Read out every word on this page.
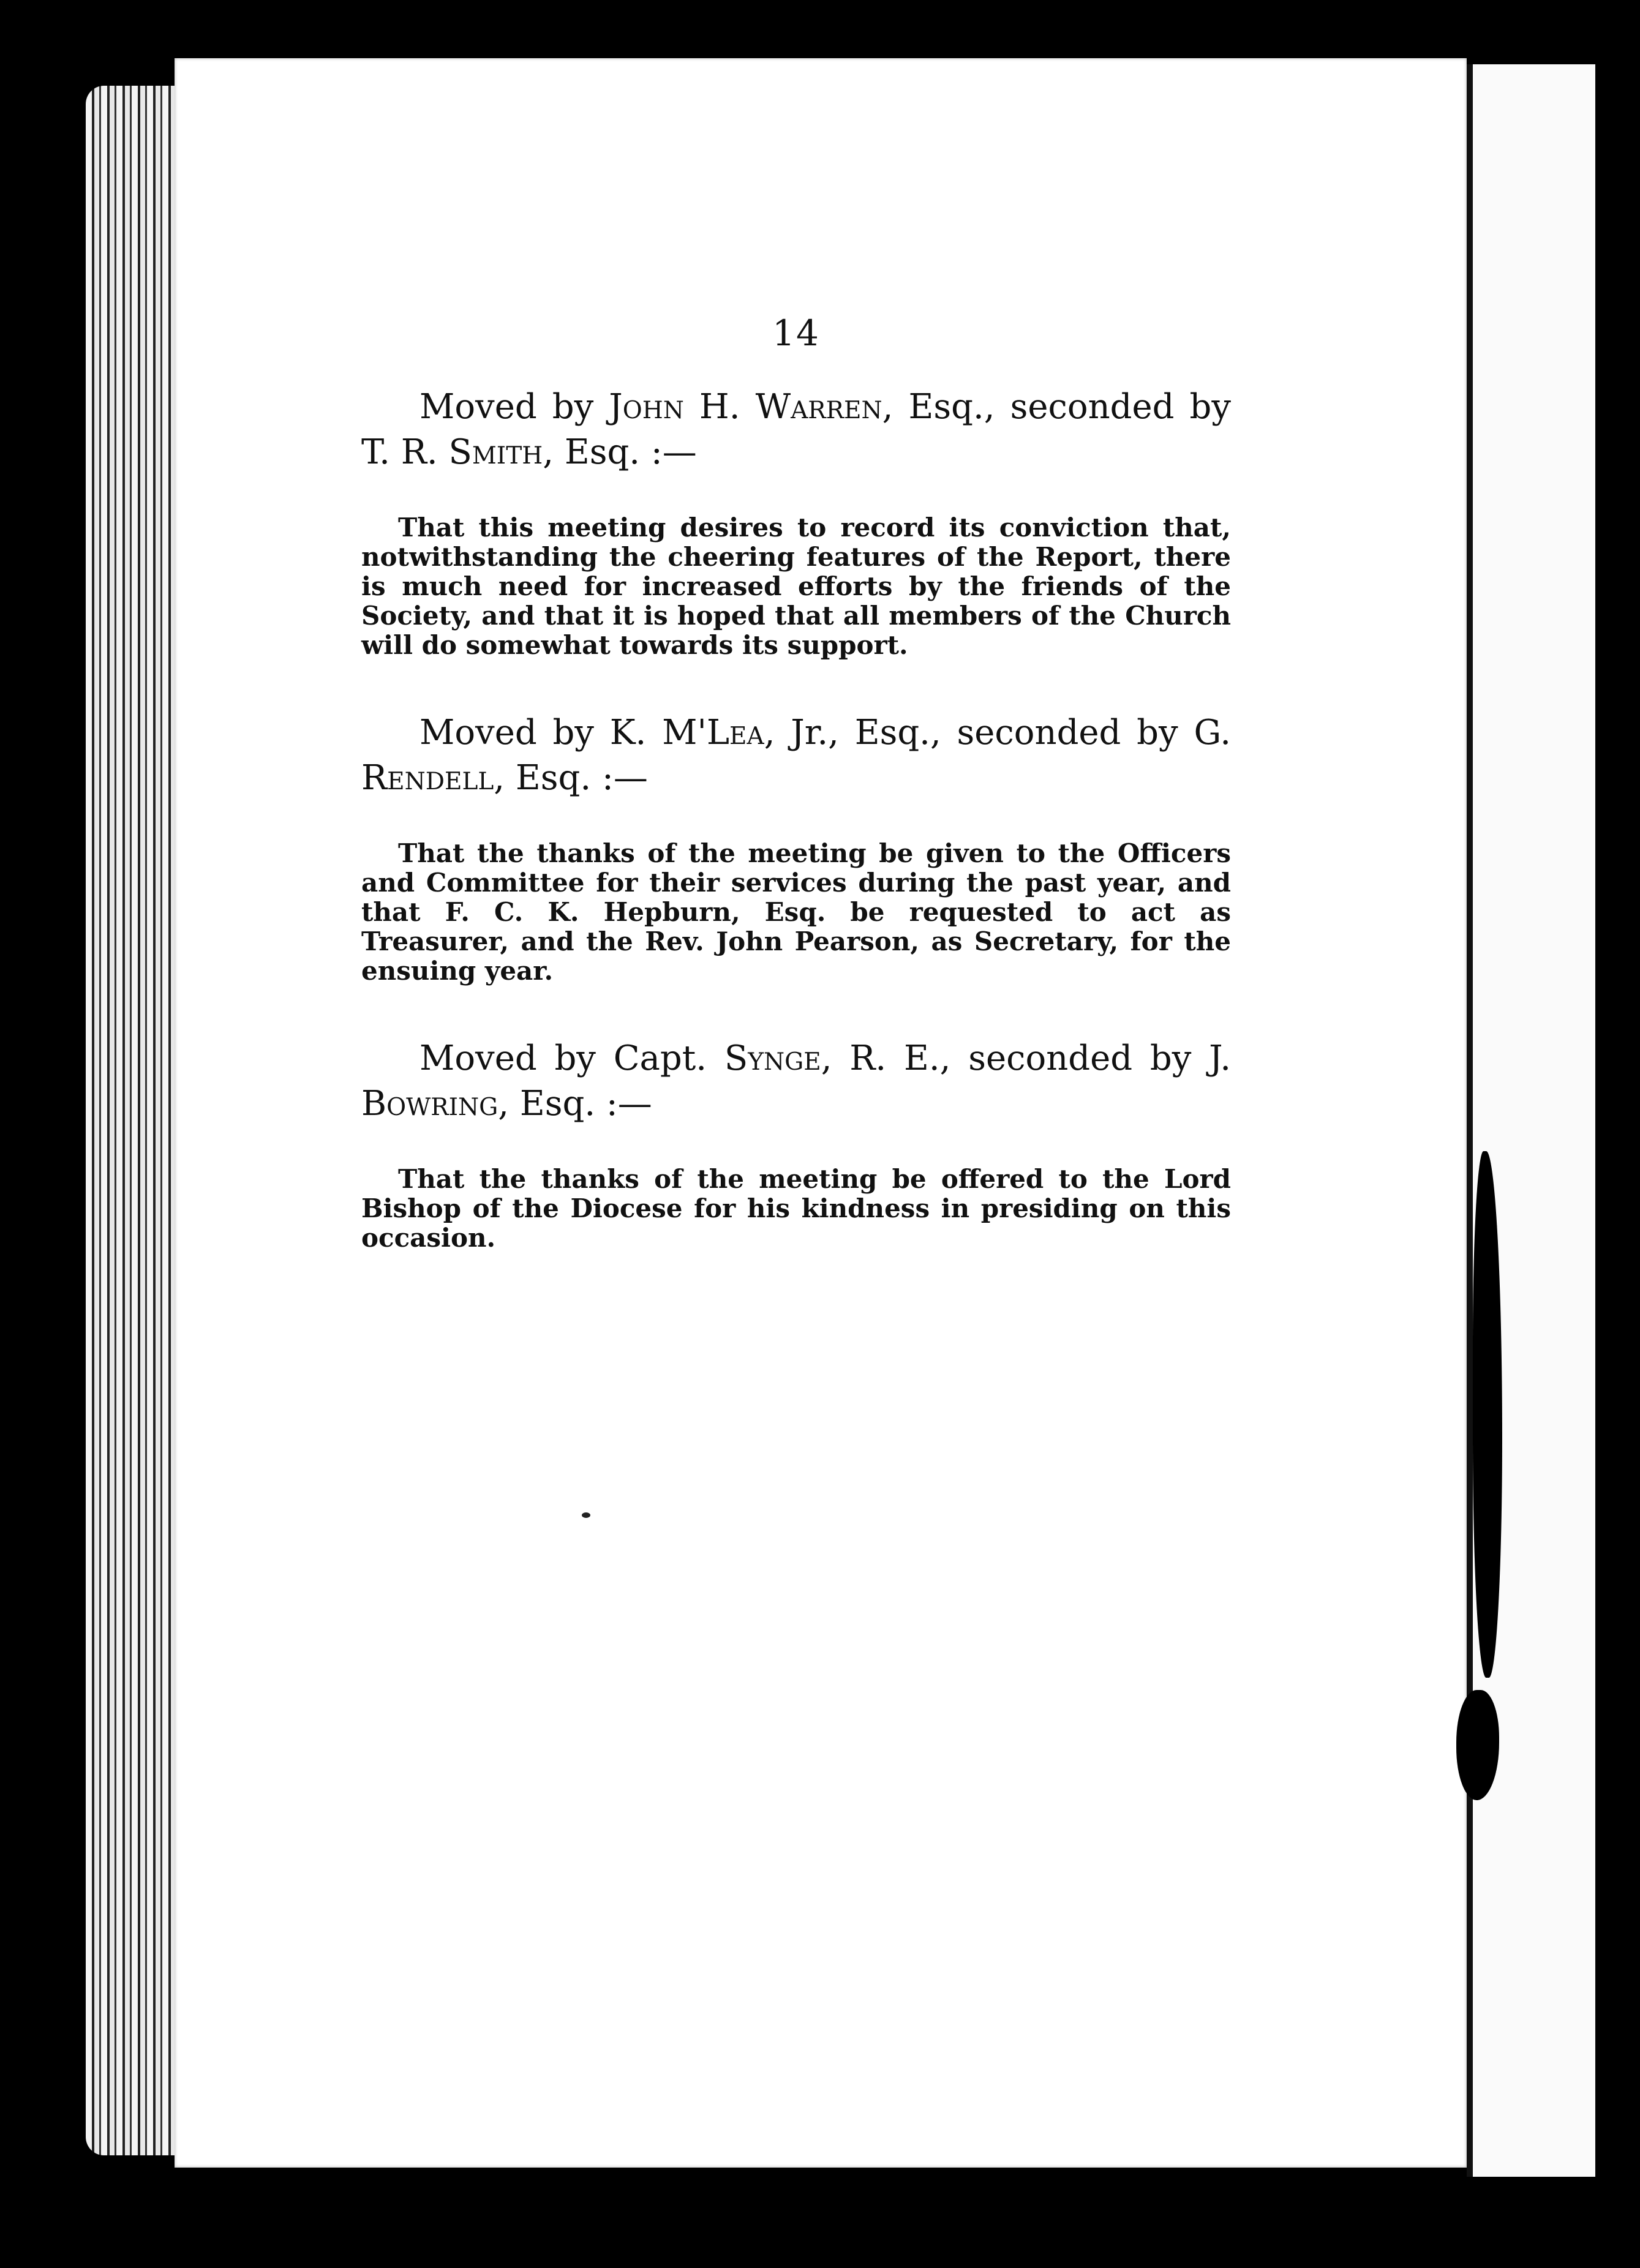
14

Moved by John H. Warren, Esq., seconded by T. R. Smith, Esq. :—

That this meeting desires to record its conviction that, notwithstanding the cheering features of the Report, there is much need for increased efforts by the friends of the Society, and that it is hoped that all members of the Church will do somewhat towards its support.

Moved by K. M'Lea, Jr., Esq., seconded by G. Rendell, Esq. :—

That the thanks of the meeting be given to the Officers and Committee for their services during the past year, and that F. C. K. Hepburn, Esq. be requested to act as Treasurer, and the Rev. John Pearson, as Secretary, for the ensuing year.

Moved by Capt. Synge, R. E., seconded by J. Bowring, Esq. :—

That the thanks of the meeting be offered to the Lord Bishop of the Diocese for his kindness in presiding on this occasion.
